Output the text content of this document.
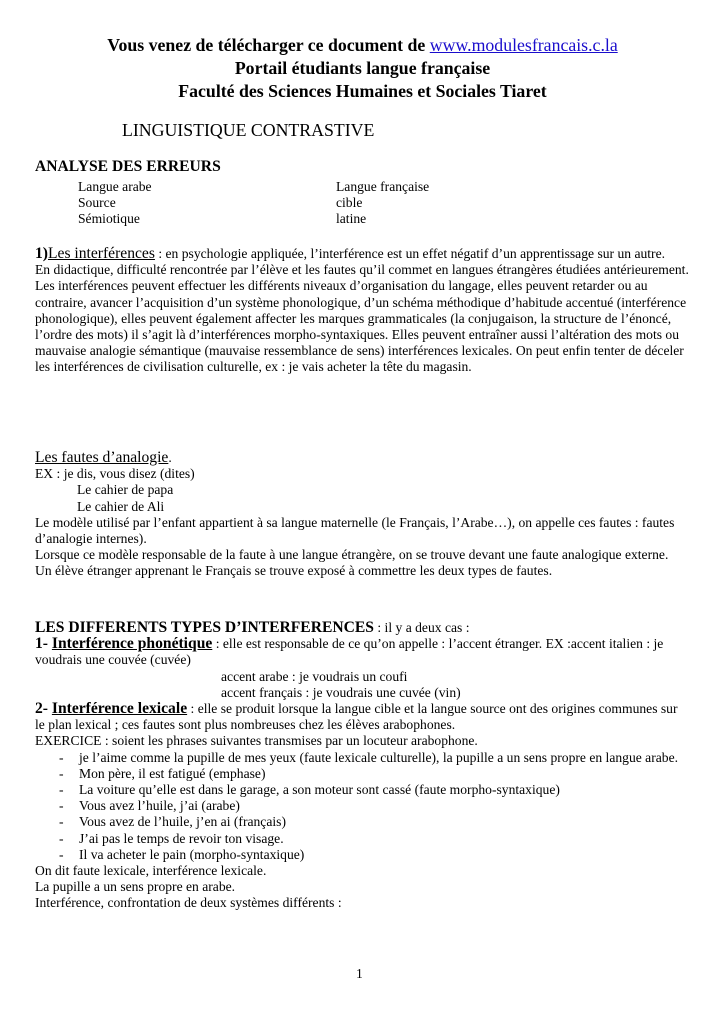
Vous venez de télécharger ce document de www.modulesfrancais.c.la
Portail étudiants langue française
Faculté des Sciences Humaines et Sociales Tiaret
LINGUISTIQUE CONTRASTIVE
ANALYSE DES ERREURS
Langue arabe	Langue française
Source	cible
Sémiotique	latine

1)Les interférences : en psychologie appliquée, l’interférence est un effet négatif d’un apprentissage sur un autre.

En didactique, difficulté rencontrée par l’élève et les fautes qu’il commet en langues étrangères étudiées antérieurement.

Les interférences peuvent effectuer les différents niveaux d’organisation du langage, elles peuvent retarder ou au contraire, avancer l’acquisition d’un système phonologique, d’un schéma méthodique d’habitude accentué (interférence phonologique), elles peuvent également affecter les marques grammaticales (la conjugaison, la structure de l’énoncé, l’ordre des mots) il s’agit là d’interférences morpho-syntaxiques. Elles peuvent entraîner aussi l’altération des mots ou mauvaise analogie sémantique (mauvaise ressemblance de sens) interférences lexicales. On peut enfin tenter de déceler les interférences de civilisation culturelle, ex : je vais acheter la tête du magasin.

Les fautes d’analogie.

EX : je dis, vous disez (dites)

Le cahier de papa

Le cahier de Ali

Le modèle utilisé par l’enfant appartient à sa langue maternelle (le Français, l’Arabe…), on appelle ces fautes : fautes d’analogie internes).

Lorsque ce modèle responsable de la faute à une langue étrangère, on se trouve devant une faute analogique externe.

Un élève étranger apprenant le Français se trouve exposé à commettre les deux types de fautes.

LES DIFFERENTS TYPES D’INTERFERENCES : il y a deux cas :

1- Interférence phonétique : elle est responsable de ce qu’on appelle : l’accent étranger. EX :accent italien : je voudrais une couvée (cuvée)

accent arabe : je voudrais un coufi

accent français : je voudrais une cuvée (vin)

2- Interférence lexicale : elle se produit lorsque la langue cible et la langue source ont des origines communes sur le plan lexical ; ces fautes sont plus nombreuses chez les élèves arabophones.

EXERCICE : soient les phrases suivantes transmises par un locuteur arabophone.

- je l’aime comme la pupille de mes yeux (faute lexicale culturelle), la pupille a un sens propre en langue arabe.
- Mon père, il est fatigué (emphase)
- La voiture qu’elle est dans le garage, a son moteur sont cassé (faute morpho-syntaxique)
- Vous avez l’huile, j’ai (arabe)
- Vous avez de l’huile, j’en ai (français)
- J’ai pas le temps de revoir ton visage.
- Il va acheter le pain (morpho-syntaxique)

On dit faute lexicale, interférence lexicale.

La pupille a un sens propre en arabe.

Interférence, confrontation de deux systèmes différents :

1
